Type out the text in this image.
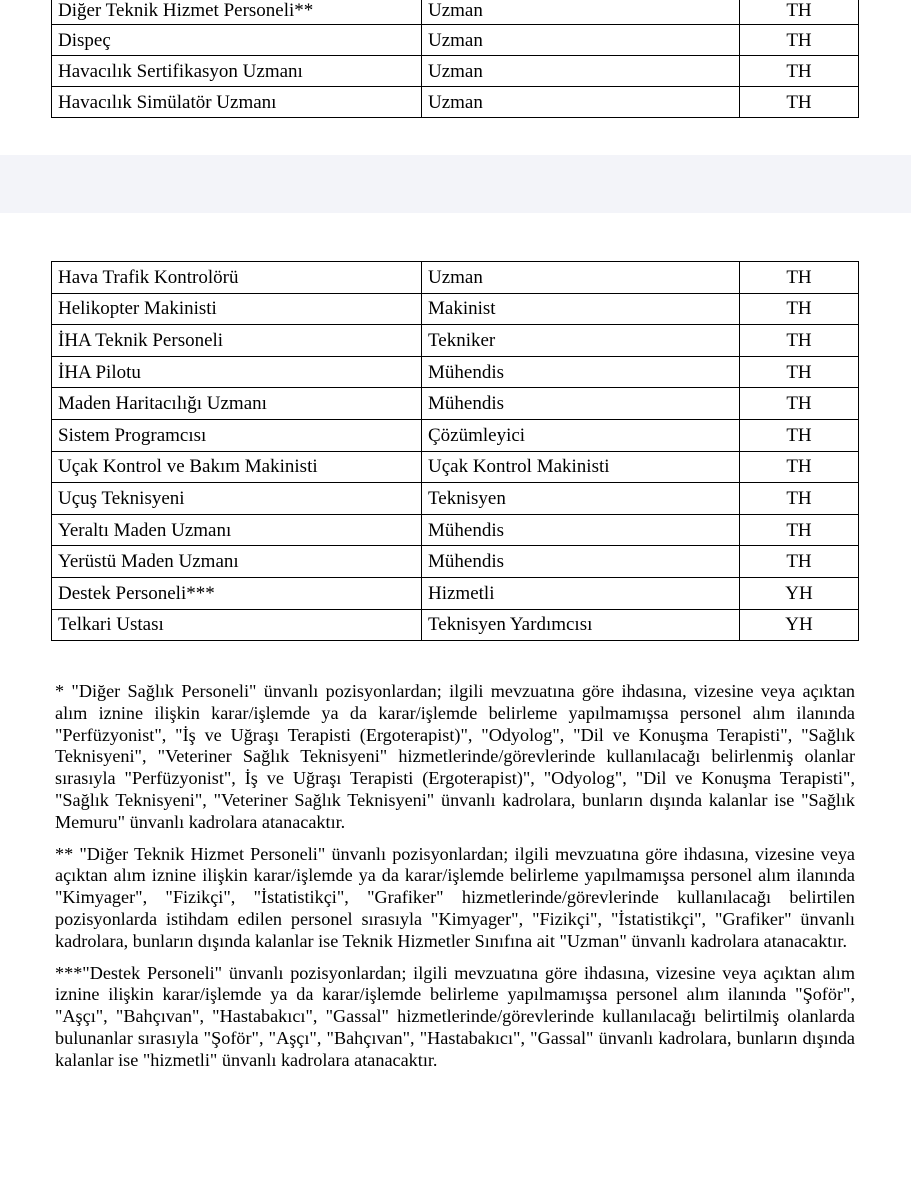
Diğer Teknik Hizmet Personeli**	Uzman	TH
Dispeç	Uzman	TH
Havacılık Sertifikasyon Uzmanı	Uzman	TH
Havacılık Simülatör Uzmanı	Uzman	TH
Hava Trafik Kontrolörü	Uzman	TH
Helikopter Makinisti	Makinist	TH
İHA Teknik Personeli	Tekniker	TH
İHA Pilotu	Mühendis	TH
Maden Haritacılığı Uzmanı	Mühendis	TH
Sistem Programcısı	Çözümleyici	TH
Uçak Kontrol ve Bakım Makinisti	Uçak Kontrol Makinisti	TH
Uçuş Teknisyeni	Teknisyen	TH
Yeraltı Maden Uzmanı	Mühendis	TH
Yerüstü Maden Uzmanı	Mühendis	TH
Destek Personeli***	Hizmetli	YH
Telkari Ustası	Teknisyen Yardımcısı	YH

* "Diğer Sağlık Personeli" ünvanlı pozisyonlardan; ilgili mevzuatına göre ihdasına, vizesine veya açıktan alım iznine ilişkin karar/işlemde ya da karar/işlemde belirleme yapılmamışsa personel alım ilanında "Perfüzyonist", "İş ve Uğraşı Terapisti (Ergoterapist)", "Odyolog", "Dil ve Konuşma Terapisti", "Sağlık Teknisyeni", "Veteriner Sağlık Teknisyeni" hizmetlerinde/görevlerinde kullanılacağı belirlenmiş olanlar sırasıyla "Perfüzyonist", İş ve Uğraşı Terapisti (Ergoterapist)", "Odyolog", "Dil ve Konuşma Terapisti", "Sağlık Teknisyeni", "Veteriner Sağlık Teknisyeni" ünvanlı kadrolara, bunların dışında kalanlar ise "Sağlık Memuru" ünvanlı kadrolara atanacaktır.

** "Diğer Teknik Hizmet Personeli" ünvanlı pozisyonlardan; ilgili mevzuatına göre ihdasına, vizesine veya açıktan alım iznine ilişkin karar/işlemde ya da karar/işlemde belirleme yapılmamışsa personel alım ilanında "Kimyager", "Fizikçi", "İstatistikçi", "Grafiker" hizmetlerinde/görevlerinde kullanılacağı belirtilen pozisyonlarda istihdam edilen personel sırasıyla "Kimyager", "Fizikçi", "İstatistikçi", "Grafiker" ünvanlı kadrolara, bunların dışında kalanlar ise Teknik Hizmetler Sınıfına ait "Uzman" ünvanlı kadrolara atanacaktır.

***"Destek Personeli" ünvanlı pozisyonlardan; ilgili mevzuatına göre ihdasına, vizesine veya açıktan alım iznine ilişkin karar/işlemde ya da karar/işlemde belirleme yapılmamışsa personel alım ilanında "Şoför", "Aşçı", "Bahçıvan", "Hastabakıcı", "Gassal" hizmetlerinde/görevlerinde kullanılacağı belirtilmiş olanlarda bulunanlar sırasıyla "Şoför", "Aşçı", "Bahçıvan", "Hastabakıcı", "Gassal" ünvanlı kadrolara, bunların dışında kalanlar ise "hizmetli" ünvanlı kadrolara atanacaktır.
